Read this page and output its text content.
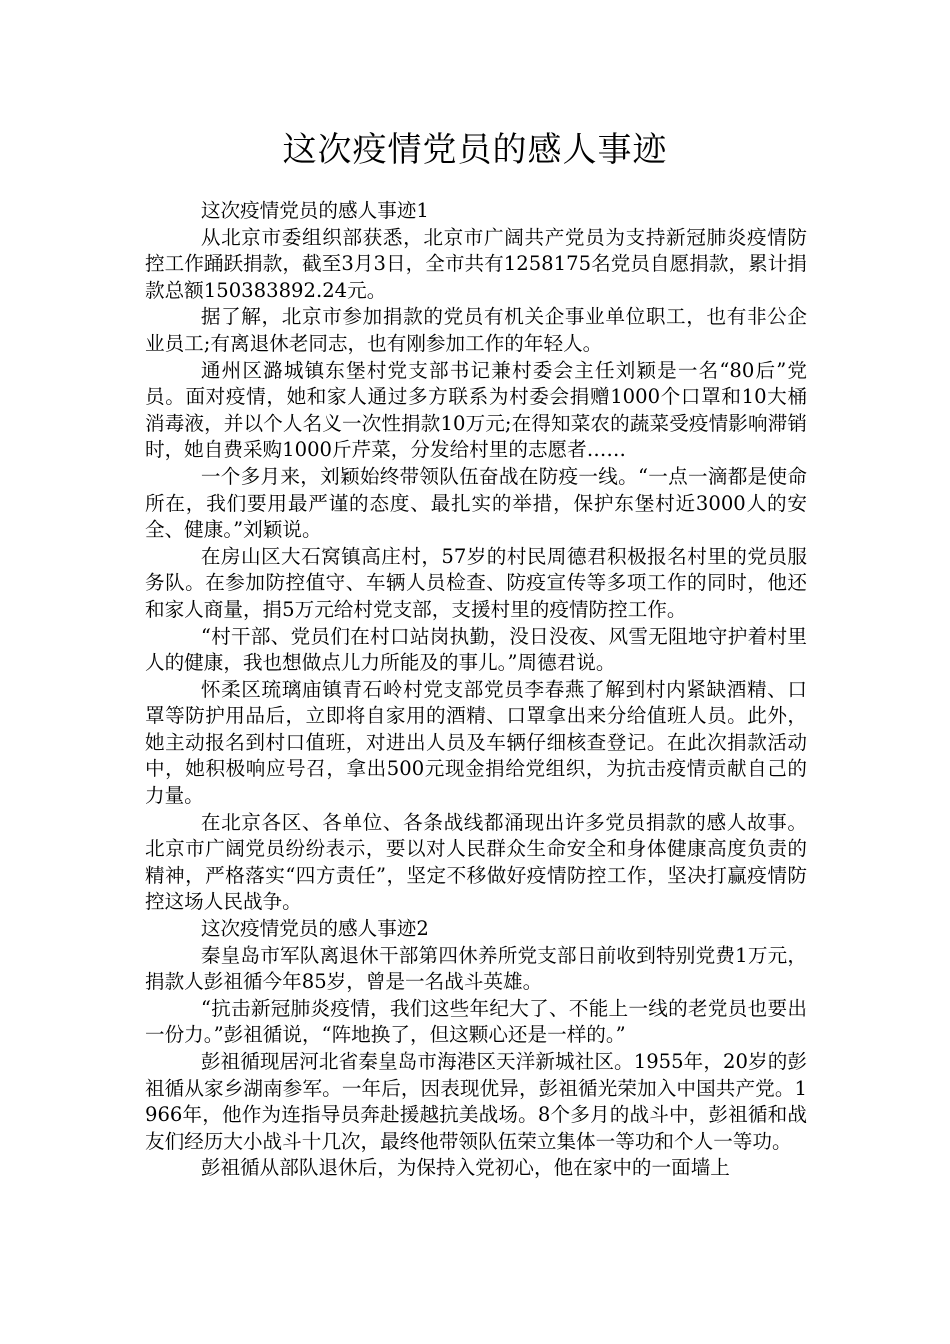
这次疫情党员的感人事迹

这次疫情党员的感人事迹1

从北京市委组织部获悉，北京市广阔共产党员为支持新冠肺炎疫情防控工作踊跃捐款，截至3月3日，全市共有1258175名党员自愿捐款，累计捐款总额150383892.24元。

据了解，北京市参加捐款的党员有机关企事业单位职工，也有非公企业员工;有离退休老同志，也有刚参加工作的年轻人。

通州区潞城镇东堡村党支部书记兼村委会主任刘颖是一名“80后”党员。面对疫情，她和家人通过多方联系为村委会捐赠1000个口罩和10大桶消毒液，并以个人名义一次性捐款10万元;在得知菜农的蔬菜受疫情影响滞销时，她自费采购1000斤芹菜，分发给村里的志愿者……

一个多月来，刘颖始终带领队伍奋战在防疫一线。“一点一滴都是使命所在，我们要用最严谨的态度、最扎实的举措，保护东堡村近3000人的安全、健康。”刘颖说。

在房山区大石窝镇高庄村，57岁的村民周德君积极报名村里的党员服务队。在参加防控值守、车辆人员检查、防疫宣传等多项工作的同时，他还和家人商量，捐5万元给村党支部，支援村里的疫情防控工作。

“村干部、党员们在村口站岗执勤，没日没夜、风雪无阻地守护着村里人的健康，我也想做点儿力所能及的事儿。”周德君说。

怀柔区琉璃庙镇青石岭村党支部党员李春燕了解到村内紧缺酒精、口罩等防护用品后，立即将自家用的酒精、口罩拿出来分给值班人员。此外，她主动报名到村口值班，对进出人员及车辆仔细核查登记。在此次捐款活动中，她积极响应号召，拿出500元现金捐给党组织，为抗击疫情贡献自己的力量。

在北京各区、各单位、各条战线都涌现出许多党员捐款的感人故事。北京市广阔党员纷纷表示，要以对人民群众生命安全和身体健康高度负责的精神，严格落实“四方责任”，坚定不移做好疫情防控工作，坚决打赢疫情防控这场人民战争。

这次疫情党员的感人事迹2

秦皇岛市军队离退休干部第四休养所党支部日前收到特别党费1万元，捐款人彭祖循今年85岁，曾是一名战斗英雄。

“抗击新冠肺炎疫情，我们这些年纪大了、不能上一线的老党员也要出一份力。”彭祖循说，“阵地换了，但这颗心还是一样的。”

彭祖循现居河北省秦皇岛市海港区天洋新城社区。1955年，20岁的彭祖循从家乡湖南参军。一年后，因表现优异，彭祖循光荣加入中国共产党。1966年，他作为连指导员奔赴援越抗美战场。8个多月的战斗中，彭祖循和战友们经历大小战斗十几次，最终他带领队伍荣立集体一等功和个人一等功。

彭祖循从部队退休后，为保持入党初心，他在家中的一面墙上
